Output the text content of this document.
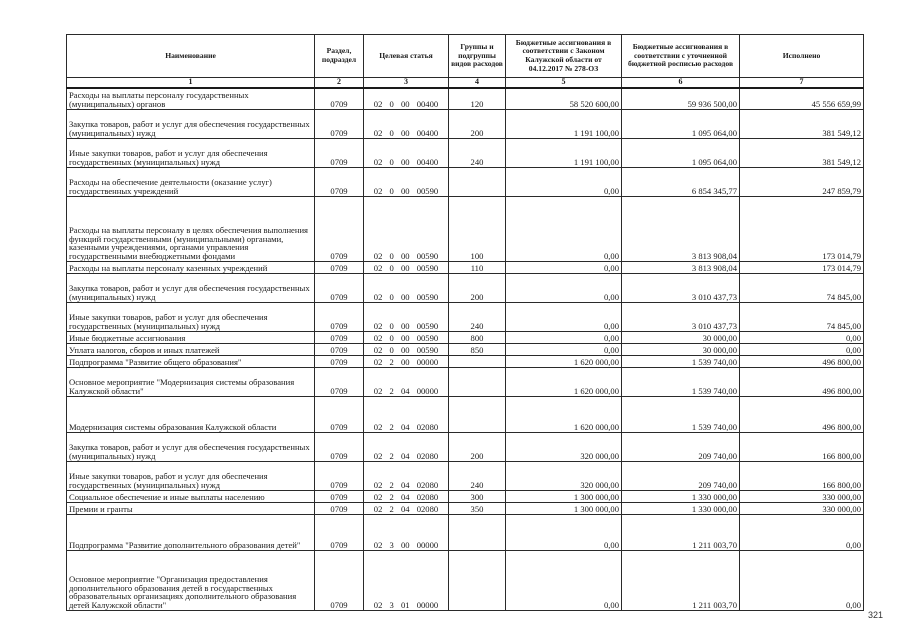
Наименование	Раздел, подраздел	Целевая статья	Группы и подгруппы видов расходов	Бюджетные ассигнования в соответствии с Законом Калужской области от 04.12.2017 № 278-ОЗ	Бюджетные ассигнования в соответствии с уточненной бюджетной росписью расходов	Исполнено
1	2	3	4	5	6	7
Расходы на выплаты персоналу государственных (муниципальных) органов	0709	02 0 00 00400	120	58 520 600,00	59 936 500,00	45 556 659,99
Закупка товаров, работ и услуг для обеспечения государственных (муниципальных) нужд	0709	02 0 00 00400	200	1 191 100,00	1 095 064,00	381 549,12
Иные закупки товаров, работ и услуг для обеспечения государственных (муниципальных) нужд	0709	02 0 00 00400	240	1 191 100,00	1 095 064,00	381 549,12
Расходы на обеспечение деятельности (оказание услуг) государственных учреждений	0709	02 0 00 00590		0,00	6 854 345,77	247 859,79
Расходы на выплаты персоналу в целях обеспечения выполнения функций государственными (муниципальными) органами, казенными учреждениями, органами управления государственными внебюджетными фондами	0709	02 0 00 00590	100	0,00	3 813 908,04	173 014,79
Расходы на выплаты персоналу казенных учреждений	0709	02 0 00 00590	110	0,00	3 813 908,04	173 014,79
Закупка товаров, работ и услуг для обеспечения государственных (муниципальных) нужд	0709	02 0 00 00590	200	0,00	3 010 437,73	74 845,00
Иные закупки товаров, работ и услуг для обеспечения государственных (муниципальных) нужд	0709	02 0 00 00590	240	0,00	3 010 437,73	74 845,00
Иные бюджетные ассигнования	0709	02 0 00 00590	800	0,00	30 000,00	0,00
Уплата налогов, сборов и иных платежей	0709	02 0 00 00590	850	0,00	30 000,00	0,00
Подпрограмма "Развитие общего образования"	0709	02 2 00 00000		1 620 000,00	1 539 740,00	496 800,00
Основное мероприятие "Модернизация системы образования Калужской области"	0709	02 2 04 00000		1 620 000,00	1 539 740,00	496 800,00
Модернизация системы образования Калужской области	0709	02 2 04 02080		1 620 000,00	1 539 740,00	496 800,00
Закупка товаров, работ и услуг для обеспечения государственных (муниципальных) нужд	0709	02 2 04 02080	200	320 000,00	209 740,00	166 800,00
Иные закупки товаров, работ и услуг для обеспечения государственных (муниципальных) нужд	0709	02 2 04 02080	240	320 000,00	209 740,00	166 800,00
Социальное обеспечение и иные выплаты населению	0709	02 2 04 02080	300	1 300 000,00	1 330 000,00	330 000,00
Премии и гранты	0709	02 2 04 02080	350	1 300 000,00	1 330 000,00	330 000,00
Подпрограмма "Развитие дополнительного образования детей"	0709	02 3 00 00000		0,00	1 211 003,70	0,00
Основное мероприятие "Организация предоставления дополнительного образования детей в государственных образовательных организациях дополнительного образования детей Калужской области"	0709	02 3 01 00000		0,00	1 211 003,70	0,00
321
